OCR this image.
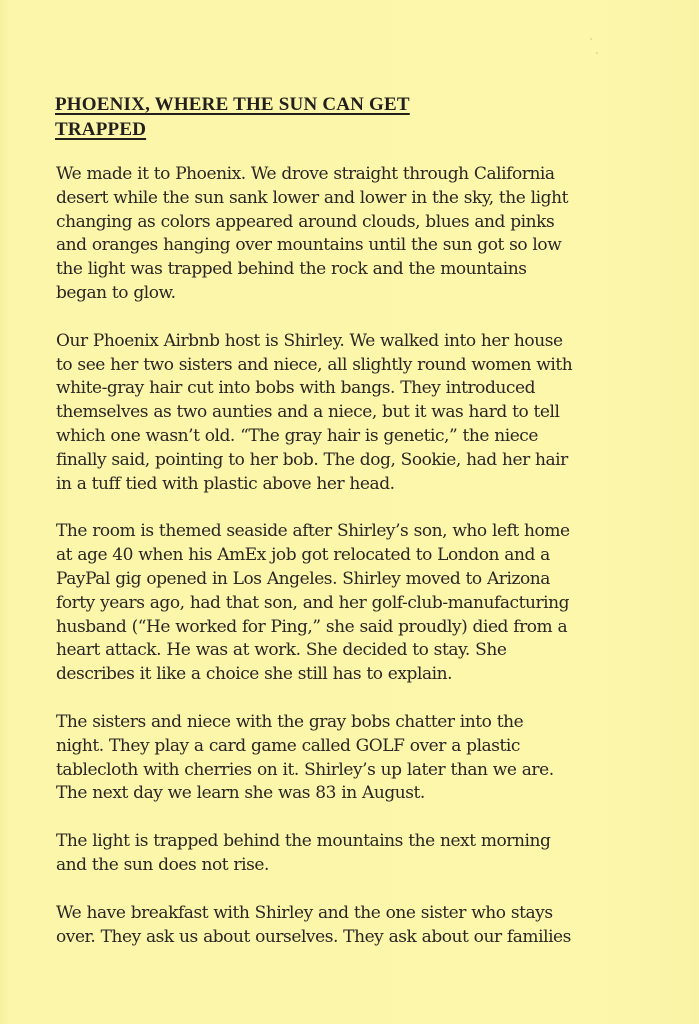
PHOENIX, WHERE THE SUN CAN GET
TRAPPED

We made it to Phoenix. We drove straight through California
desert while the sun sank lower and lower in the sky, the light
changing as colors appeared around clouds, blues and pinks
and oranges hanging over mountains until the sun got so low
the light was trapped behind the rock and the mountains
began to glow.

Our Phoenix Airbnb host is Shirley. We walked into her house
to see her two sisters and niece, all slightly round women with
white-gray hair cut into bobs with bangs. They introduced
themselves as two aunties and a niece, but it was hard to tell
which one wasn’t old. “The gray hair is genetic,” the niece
finally said, pointing to her bob. The dog, Sookie, had her hair
in a tuff tied with plastic above her head.

The room is themed seaside after Shirley’s son, who left home
at age 40 when his AmEx job got relocated to London and a
PayPal gig opened in Los Angeles. Shirley moved to Arizona
forty years ago, had that son, and her golf-club-manufacturing
husband (“He worked for Ping,” she said proudly) died from a
heart attack. He was at work. She decided to stay. She
describes it like a choice she still has to explain.

The sisters and niece with the gray bobs chatter into the
night. They play a card game called GOLF over a plastic
tablecloth with cherries on it. Shirley’s up later than we are.
The next day we learn she was 83 in August.

The light is trapped behind the mountains the next morning
and the sun does not rise.

We have breakfast with Shirley and the one sister who stays
over. They ask us about ourselves. They ask about our families
